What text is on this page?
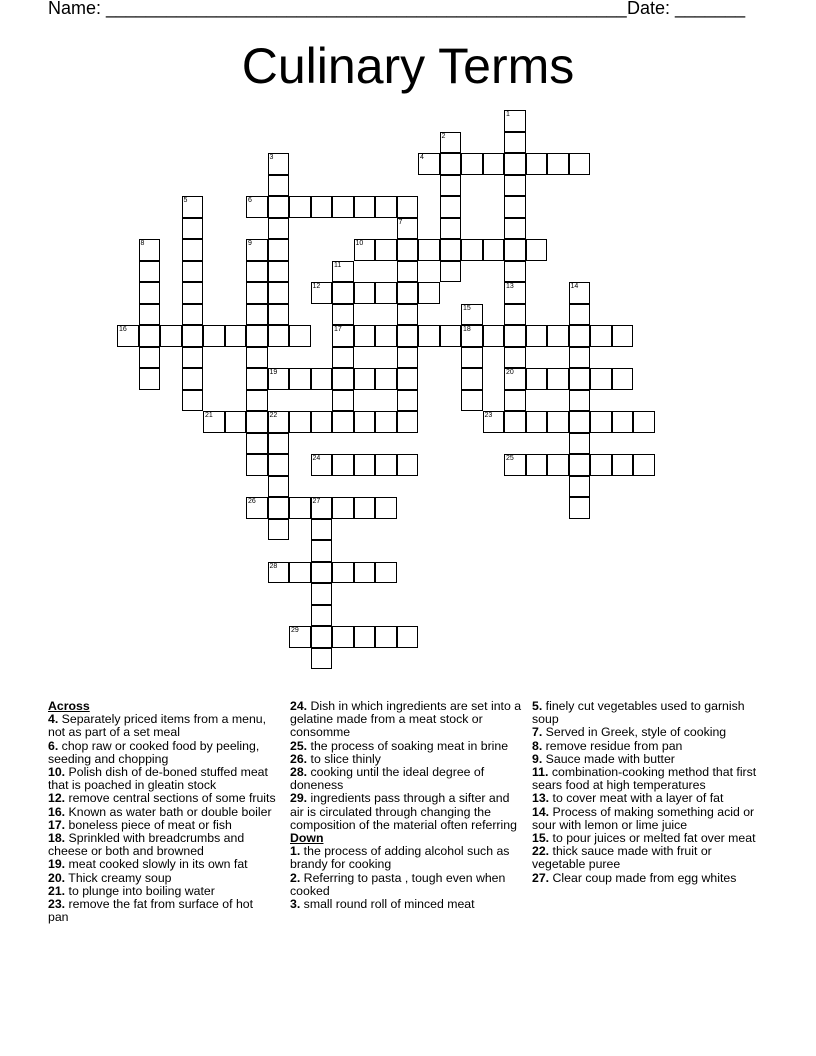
Name: ____________________________________________________ Date: _______
Culinary Terms
1
2
3	4
5	6
7
8	9	10
11
17
12	13
20
14
15
18
16
19
21	22	23
24	25
26	27
28
29
Across
4. Separately priced items from a menu, not as part of a set meal
6. chop raw or cooked food by peeling, seeding and chopping
10. Polish dish of de-boned stuffed meat that is poached in gleatin stock
12. remove central sections of some fruits
16. Known as water bath or double boiler
17. boneless piece of meat or fish
18. Sprinkled with breadcrumbs and cheese or both and browned
19. meat cooked slowly in its own fat
20. Thick creamy soup
21. to plunge into boiling water
23. remove the fat from surface of hot pan
24. Dish in which ingredients are set into a gelatine made from a meat stock or consomme
25. the process of soaking meat in brine
26. to slice thinly
28. cooking until the ideal degree of doneness
29. ingredients pass through a sifter and air is circulated through changing the composition of the material often referring
Down
1. the process of adding alcohol such as brandy for cooking
2. Referring to pasta , tough even when cooked
3. small round roll of minced meat
5. finely cut vegetables used to garnish soup
7. Served in Greek, style of cooking
8. remove residue from pan
9. Sauce made with butter
11. combination-cooking method that first sears food at high temperatures
13. to cover meat with a layer of fat
14. Process of making something acid or sour with lemon or lime juice
15. to pour juices or melted fat over meat
22. thick sauce made with fruit or vegetable puree
27. Clear coup made from egg whites
